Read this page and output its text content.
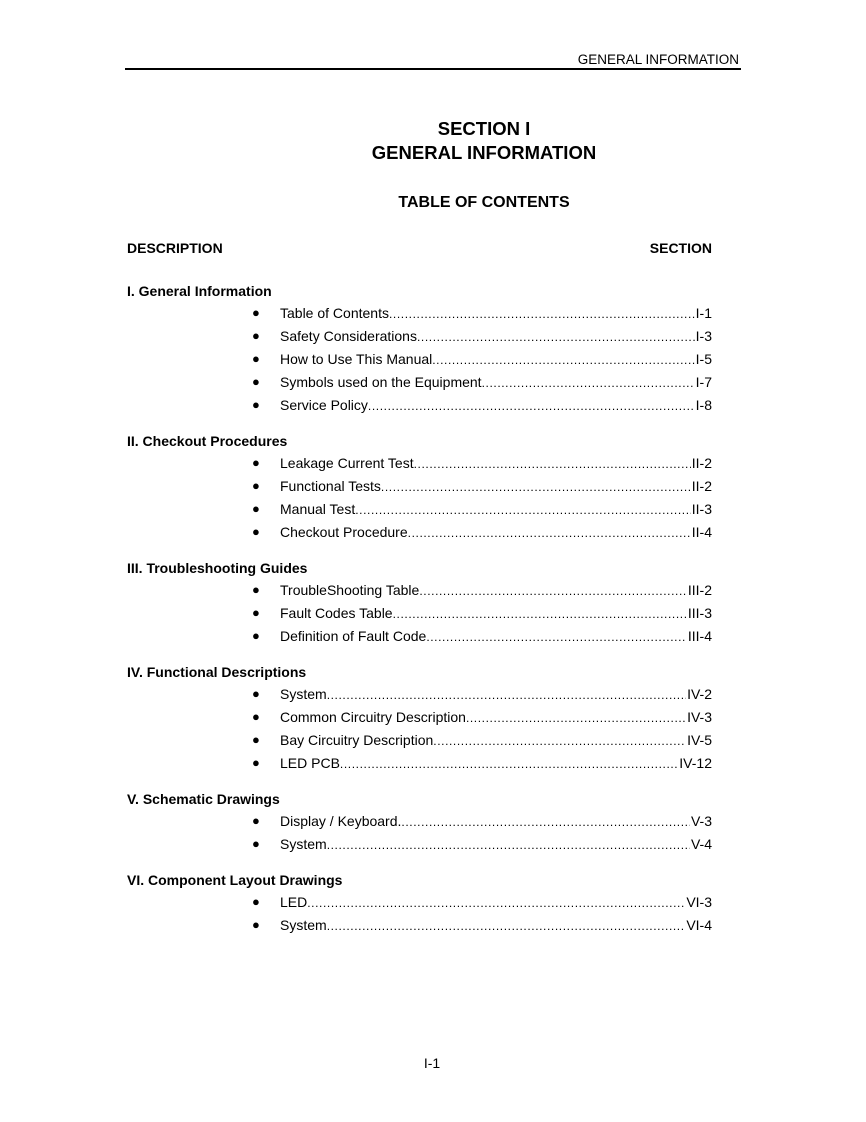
GENERAL INFORMATION
SECTION I
GENERAL INFORMATION
TABLE OF CONTENTS
DESCRIPTION	SECTION
I. General Information
● Table of Contents .....	I-1
● Safety Considerations .....	I-3
● How to Use This Manual .....	I-5
● Symbols used on the Equipment .....	I-7
● Service Policy .....	I-8
II. Checkout Procedures
● Leakage Current Test .....	II-2
● Functional Tests .....	II-2
● Manual Test .....	II-3
● Checkout Procedure .....	II-4
III. Troubleshooting Guides
● TroubleShooting Table .....	III-2
● Fault Codes Table .....	III-3
● Definition of Fault Code .....	III-4
IV. Functional Descriptions
● System .....	IV-2
● Common Circuitry Description .....	IV-3
● Bay Circuitry Description .....	IV-5
● LED PCB .....	IV-12
V. Schematic Drawings
● Display / Keyboard. .....	V-3
● System .....	V-4
VI. Component Layout Drawings
● LED .....	VI-3
● System .....	VI-4
I-1
